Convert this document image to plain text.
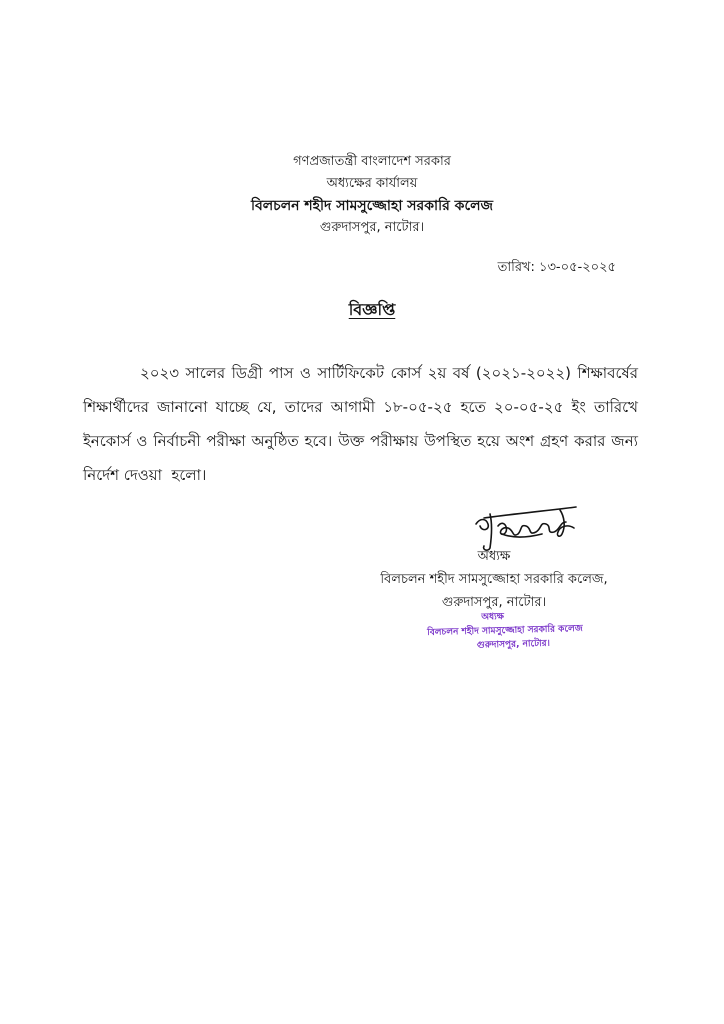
গণপ্রজাতন্ত্রী বাংলাদেশ সরকার
অধ্যক্ষের কার্যালয়
বিলচলন শহীদ সামসুজ্জোহা সরকারি কলেজ
গুরুদাসপুর, নাটোর।
তারিখ: ১৩-০৫-২০২৫
বিজ্ঞপ্তি
২০২৩ সালের ডিগ্রী পাস ও সার্টিফিকেট কোর্স ২য় বর্ষ (২০২১-২০২২) শিক্ষাবর্ষের
শিক্ষার্থীদের জানানো যাচ্ছে যে, তাদের আগামী ১৮-০৫-২৫ হতে ২০-০৫-২৫ ইং তারিখে
ইনকোর্স ও নির্বাচনী পরীক্ষা অনুষ্ঠিত হবে। উক্ত পরীক্ষায় উপস্থিত হয়ে অংশ গ্রহণ করার জন্য
নির্দেশ দেওয়া  হলো।
অধ্যক্ষ
বিলচলন শহীদ সামসুজ্জোহা সরকারি কলেজ,
গুরুদাসপুর, নাটোর।
অধ্যক্ষ
বিলচলন শহীদ সামসুজ্জোহা সরকারি কলেজ
গুরুদাসপুর, নাটোর।
